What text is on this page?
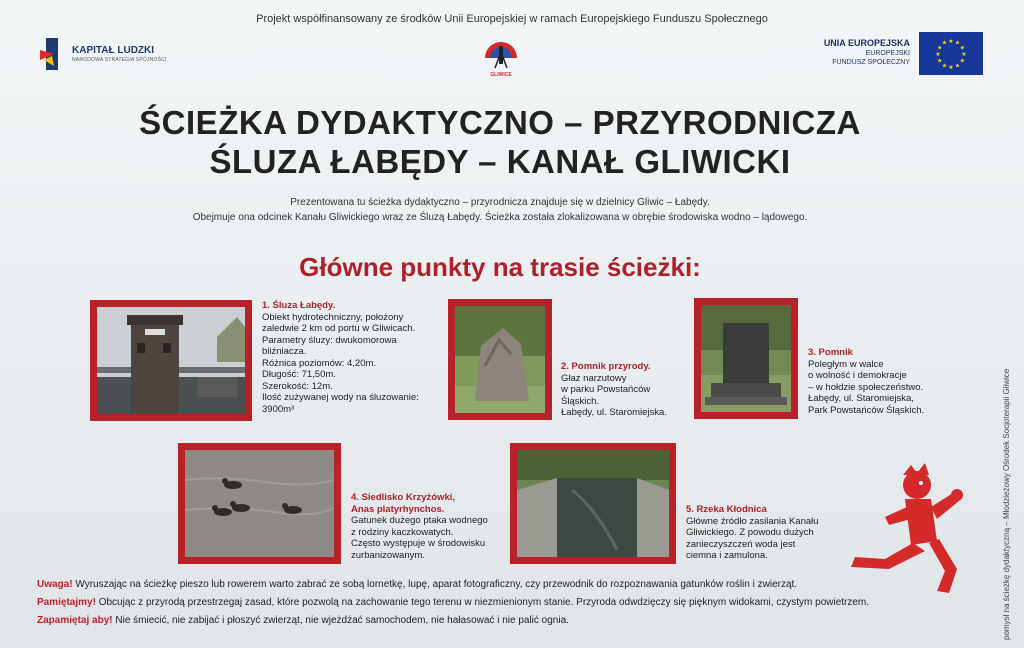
Projekt współfinansowany ze środków Unii Europejskiej w ramach Europejskiego Funduszu Społecznego
KAPITAŁ LUDZKI
NARODOWA STRATEGIA SPÓJNOŚCI
GLIWICE
UNIA EUROPEJSKA
EUROPEJSKI
FUNDUSZ SPOŁECZNY
★
★
★
★
★
★
★
★
★ ★ ★
★
ŚCIEŻKA DYDAKTYCZNO – PRZYRODNICZA
ŚLUZA ŁABĘDY – KANAŁ GLIWICKI
Prezentowana tu ścieżka dydaktyczno – przyrodnicza znajduje się w dzielnicy Gliwic – Łabędy.
Obejmuje ona odcinek Kanału Gliwickiego wraz ze Śluzą Łabędy. Ścieżka została zlokalizowana w obrębie środowiska wodno – lądowego.
Główne punkty na trasie ścieżki:
1. Śluza Łabędy.
Obiekt hydrotechniczny, położony
zaledwie 2 km od portu w Gliwicach.
Parametry śluzy: dwukomorowa
bliźniacza.
Różnica poziomów: 4,20m.
Długość: 71,50m.
Szerokość: 12m.
Ilość zużywanej wody na śluzowanie:
3900m³
2. Pomnik przyrody.
Głaz narzutowy
w parku Powstańców
Śląskich.
Łabędy, ul. Staromiejska.
3. Pomnik
Poległym w walce
o wolność i demokracje
– w hołdzie społeczeństwo.
Łabędy, ul. Staromiejska,
Park Powstańców Śląskich.
4. Siedlisko Krzyżówki,
Anas platyrhynchos.
Gatunek dużego ptaka wodnego
z rodziny kaczkowatych.
Często występuje w środowisku
zurbanizowanym.
5. Rzeka Kłodnica
Główne źródło zasilania Kanału
Gliwickiego. Z powodu dużych
zanieczyszczeń woda jest
ciemna i zamulona.	pomysł na ścieżkę dydaktyczną – Młodzieżowy Ośrodek Socjoterapii Gliwice
Uwaga! Wyruszając na ścieżkę pieszo lub rowerem warto zabrać ze sobą lornetkę, lupę, aparat fotograficzny, czy przewodnik do rozpoznawania gatunków roślin i zwierząt.
Pamiętajmy! Obcując z przyrodą przestrzegaj zasad, które pozwolą na zachowanie tego terenu w niezmienionym stanie. Przyroda odwdzięczy się pięknym widokami, czystym powietrzem.
Zapamiętaj aby! Nie śmiecić, nie zabijać i płoszyć zwierząt, nie wjeżdżać samochodem, nie hałasować i nie palić ognia.
